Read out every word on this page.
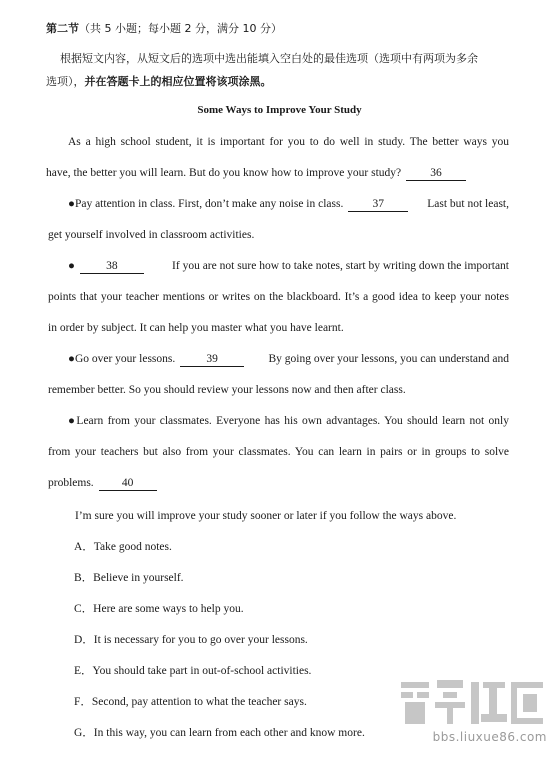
第二节（共 5 小题；每小题 2 分，满分 10 分）
根据短文内容，从短文后的选项中选出能填入空白处的最佳选项（选项中有两项为多余
选项），并在答题卡上的相应位置将该项涂黑。
Some Ways to Improve Your Study
As a high school student, it is important for you to do well in study. The better ways you
have, the better you will learn. But do you know how to improve your study?	36
●Pay attention in class. First, don’t make any noise in class.	37	Last but not least,
get yourself involved in classroom activities.
●	38	If you are not sure how to take notes, start by writing down the important
points that your teacher mentions or writes on the blackboard. It’s a good idea to keep your notes
in order by subject. It can help you master what you have learnt.
●Go over your lessons.	39	By going over your lessons, you can understand and
remember better. So you should review your lessons now and then after class.
●Learn from your classmates. Everyone has his own advantages. You should learn not only
from your teachers but also from your classmates. You can learn in pairs or in groups to solve
problems. 40
I’m sure you will improve your study sooner or later if you follow the ways above.
A．Take good notes.
B．Believe in yourself.
C．Here are some ways to help you.
D．It is necessary for you to go over your lessons.
E．You should take part in out-of-school activities.
F．Second, pay attention to what the teacher says.
G．In this way, you can learn from each other and know more.	bbs.liuxue86.com
